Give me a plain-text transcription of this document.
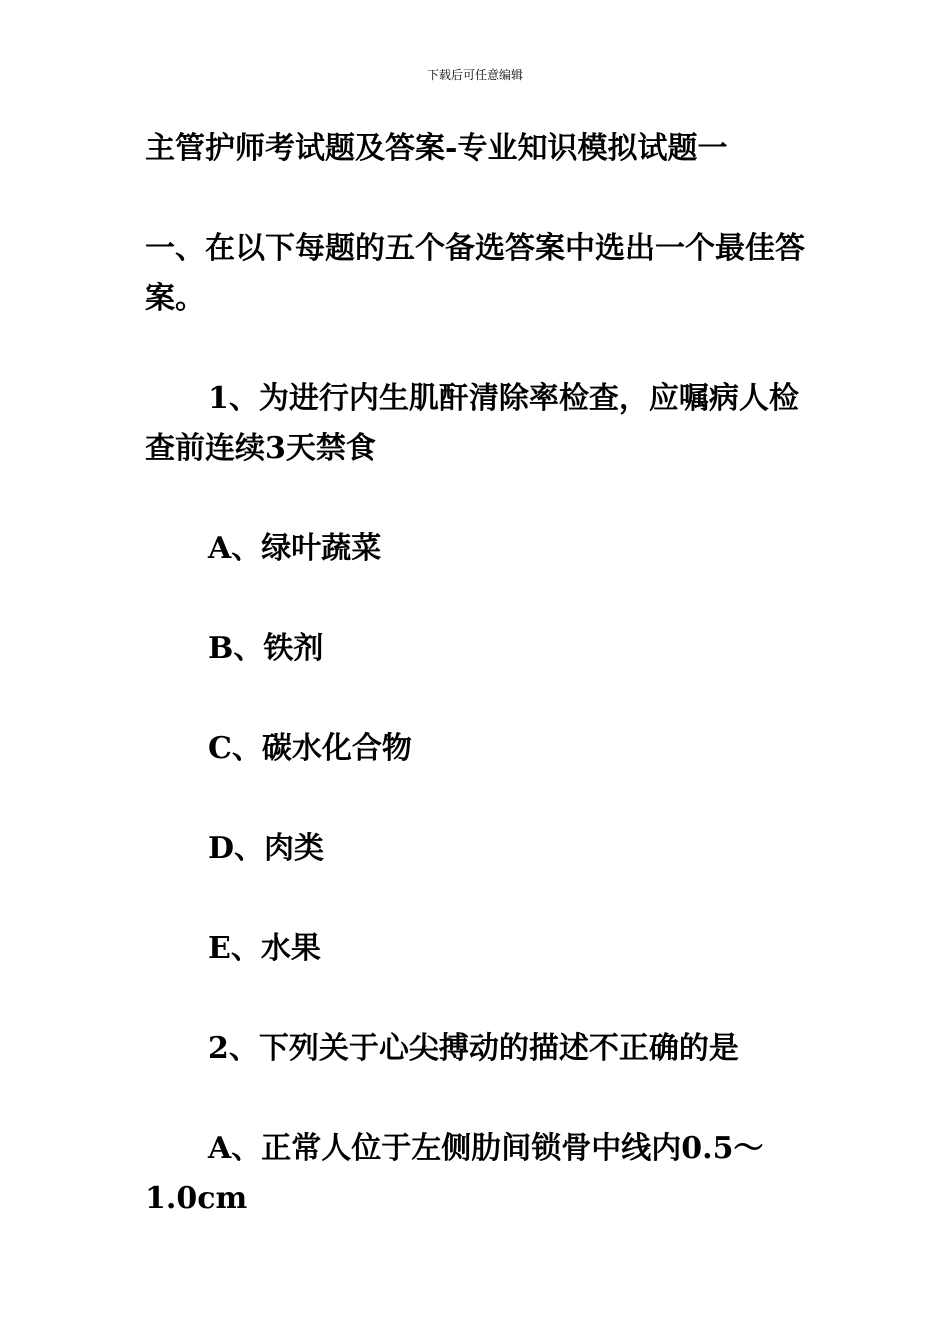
下载后可任意编辑

主管护师考试题及答案-专业知识模拟试题一

一、在以下每题的五个备选答案中选出一个最佳答案。

1、为进行内生肌酐清除率检查，应嘱病人检查前连续3天禁食

A、绿叶蔬菜

B、铁剂

C、碳水化合物

D、肉类

E、水果

2、下列关于心尖搏动的描述不正确的是

A、正常人位于左侧肋间锁骨中线内0.5～1.0cm
